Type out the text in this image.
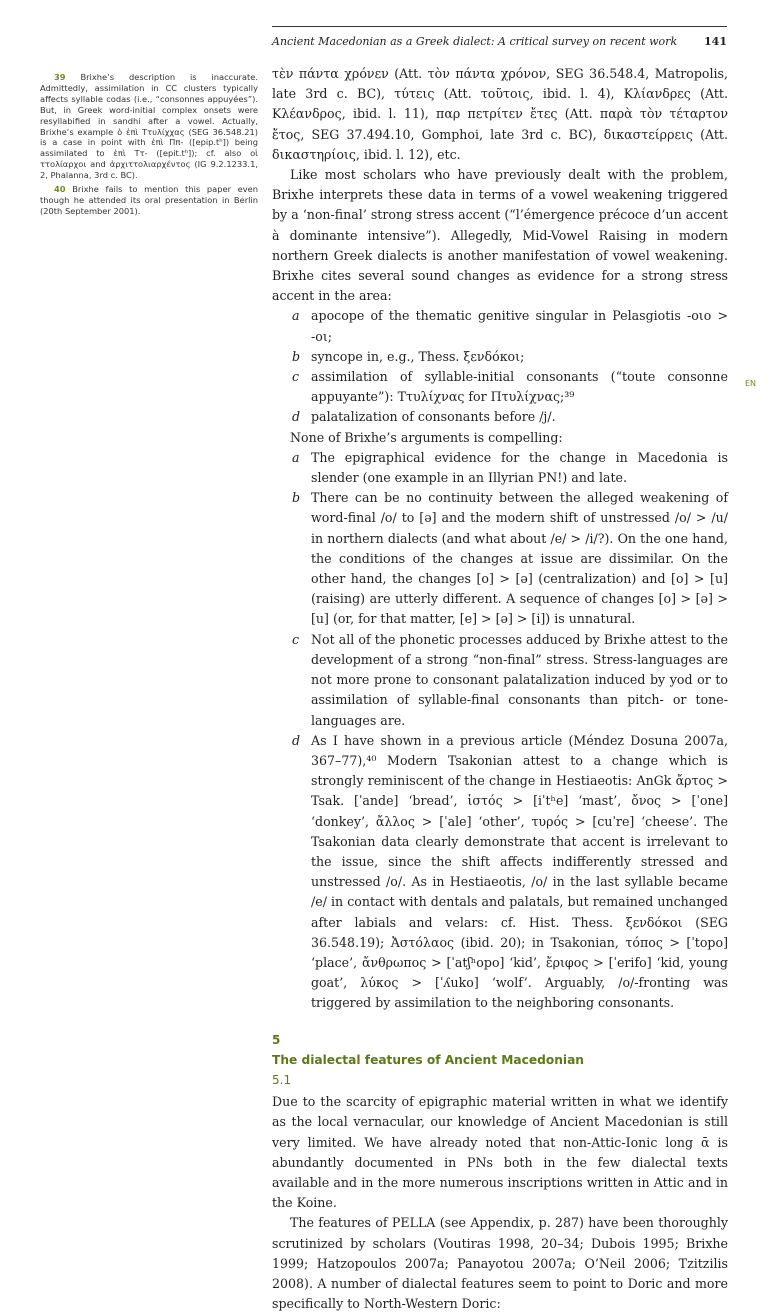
Ancient Macedonian as a Greek dialect: A critical survey on recent work 141

39 Brixhe’s description is inaccurate. Admittedly, assimilation in CC clusters typically affects syllable codas (i.e., “consonnes appuyées”). But, in Greek word-initial complex onsets were resyllabified in sandhi after a vowel. Actually, Brixhe’s example ὁ ἐπὶ Ττυλίχχας (SEG 36.548.21) is a case in point with ἐπὶ Ππ- ([epip.tʰ]) being assimilated to ἐπὶ Ττ- ([epit.tʰ]); cf. also οἱ ττολίαρχοι and ἀρχιττολιαρχέντος (IG 9.2.1233.1, 2, Phalanna, 3rd c. BC).

40 Brixhe fails to mention this paper even though he attended its oral presentation in Berlin (20th September 2001).

EN

τὲν πάντα χρόνεν (Att. τὸν πάντα χρόνον, SEG 36.548.4, Matropolis, late 3rd c. BC), τύτεις (Att. τοῦτοις, ibid. l. 4), Κλίανδρες (Att. Κλέανδρος, ibid. l. 11), παρ πετρίτεν ἔτες (Att. παρὰ τὸν τέταρτον ἔτος, SEG 37.494.10, Gomphoi, late 3rd c. BC), δικαστείρρεις (Att. δικαστηρίοις, ibid. l. 12), etc.

Like most scholars who have previously dealt with the problem, Brixhe interprets these data in terms of a vowel weakening triggered by a ‘non-final’ strong stress accent (“l’émergence précoce d’un accent à dominante intensive”). Allegedly, Mid-Vowel Raising in modern northern Greek dialects is another manifestation of vowel weakening. Brixhe cites several sound changes as evidence for a strong stress accent in the area:

a apocope of the thematic genitive singular in Pelasgiotis -οιο > -οι;
b syncope in, e.g., Thess. ξενδόκοι;
c assimilation of syllable-initial consonants (“toute consonne appuyante”): Ττυλίχνας for Πτυλίχνας;³⁹
d palatalization of consonants before /j/.

None of Brixhe’s arguments is compelling:

a The epigraphical evidence for the change in Macedonia is slender (one example in an Illyrian PN!) and late.
b There can be no continuity between the alleged weakening of word-final /o/ to [ə] and the modern shift of unstressed /o/ > /u/ in northern dialects (and what about /e/ > /i/?). On the one hand, the conditions of the changes at issue are dissimilar. On the other hand, the changes [o] > [ə] (centralization) and [o] > [u] (raising) are utterly different. A sequence of changes [o] > [ə] > [u] (or, for that matter, [e] > [ə] > [i]) is unnatural.
c Not all of the phonetic processes adduced by Brixhe attest to the development of a strong “non-final” stress. Stress-languages are not more prone to consonant palatalization induced by yod or to assimilation of syllable-final consonants than pitch- or tone-languages are.
d As I have shown in a previous article (Méndez Dosuna 2007a, 367–77),⁴⁰ Modern Tsakonian attest to a change which is strongly reminiscent of the change in Hestiaeotis: AnGk ἄρτος > Tsak. [ˈande] ‘bread’, ἱστός > [iˈtʰe] ‘mast’, ὄνος > [ˈone] ‘donkey’, ἄλλος > [ˈale] ‘other’, τυρός > [cuˈre] ‘cheese’. The Tsakonian data clearly demonstrate that accent is irrelevant to the issue, since the shift affects indifferently stressed and unstressed /o/. As in Hestiaeotis, /o/ in the last syllable became /e/ in contact with dentals and palatals, but remained unchanged after labials and velars: cf. Hist. Thess. ξενδόκοι (SEG 36.548.19); Ἀστόλαος (ibid. 20); in Tsakonian, τόπος > [ˈtopo] ‘place’, ἄνθρωπος > [ˈatʃʰopo] ‘kid’, ἔριφος > [ˈerifo] ‘kid, young goat’, λύκος > [ˈʎuko] ‘wolf’. Arguably, /o/-fronting was triggered by assimilation to the neighboring consonants.
5
The dialectal features of Ancient Macedonian
5.1

Due to the scarcity of epigraphic material written in what we identify as the local vernacular, our knowledge of Ancient Macedonian is still very limited. We have already noted that non-Attic-Ionic long ᾱ is abundantly documented in PNs both in the few dialectal texts available and in the more numerous inscriptions written in Attic and in the Koine.

The features of PELLA (see Appendix, p. 287) have been thoroughly scrutinized by scholars (Voutiras 1998, 20–34; Dubois 1995; Brixhe 1999; Hatzopoulos 2007a; Panayotou 2007a; O’Neil 2006; Tzitzilis 2008). A number of dialectal features seem to point to Doric and more specifically to North-Western Doric:
